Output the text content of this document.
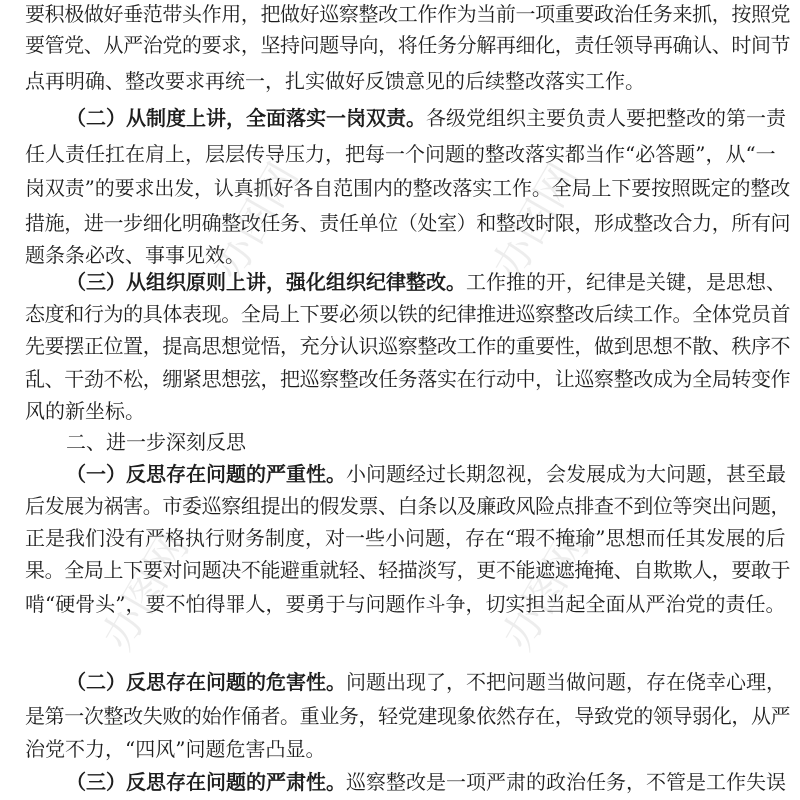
办图网	办图网
办图网	办图网
要积极做好垂范带头作用，把做好巡察整改工作作为当前一项重要政治任务来抓，按照党
要管党、从严治党的要求，坚持问题导向，将任务分解再细化，责任领导再确认、时间节
点再明确、整改要求再统一，扎实做好反馈意见的后续整改落实工作。
（二）从制度上讲，全面落实一岗双责。各级党组织主要负责人要把整改的第一责
任人责任扛在肩上，层层传导压力，把每一个问题的整改落实都当作“必答题”，从“一
岗双责”的要求出发，认真抓好各自范围内的整改落实工作。全局上下要按照既定的整改
措施，进一步细化明确整改任务、责任单位（处室）和整改时限，形成整改合力，所有问
题条条必改、事事见效。
（三）从组织原则上讲，强化组织纪律整改。工作推的开，纪律是关键，是思想、
态度和行为的具体表现。全局上下要必须以铁的纪律推进巡察整改后续工作。全体党员首
先要摆正位置，提高思想觉悟，充分认识巡察整改工作的重要性，做到思想不散、秩序不
乱、干劲不松，绷紧思想弦，把巡察整改任务落实在行动中，让巡察整改成为全局转变作
风的新坐标。
二、进一步深刻反思
（一）反思存在问题的严重性。小问题经过长期忽视，会发展成为大问题，甚至最
后发展为祸害。市委巡察组提出的假发票、白条以及廉政风险点排查不到位等突出问题，
正是我们没有严格执行财务制度，对一些小问题，存在“瑕不掩瑜”思想而任其发展的后
果。全局上下要对问题决不能避重就轻、轻描淡写，更不能遮遮掩掩、自欺欺人，要敢于
啃“硬骨头”，要不怕得罪人，要勇于与问题作斗争，切实担当起全面从严治党的责任。
（二）反思存在问题的危害性。问题出现了，不把问题当做问题，存在侥幸心理，
是第一次整改失败的始作俑者。重业务，轻党建现象依然存在，导致党的领导弱化，从严
治党不力，“四风”问题危害凸显。
（三）反思存在问题的严肃性。巡察整改是一项严肃的政治任务，不管是工作失误
